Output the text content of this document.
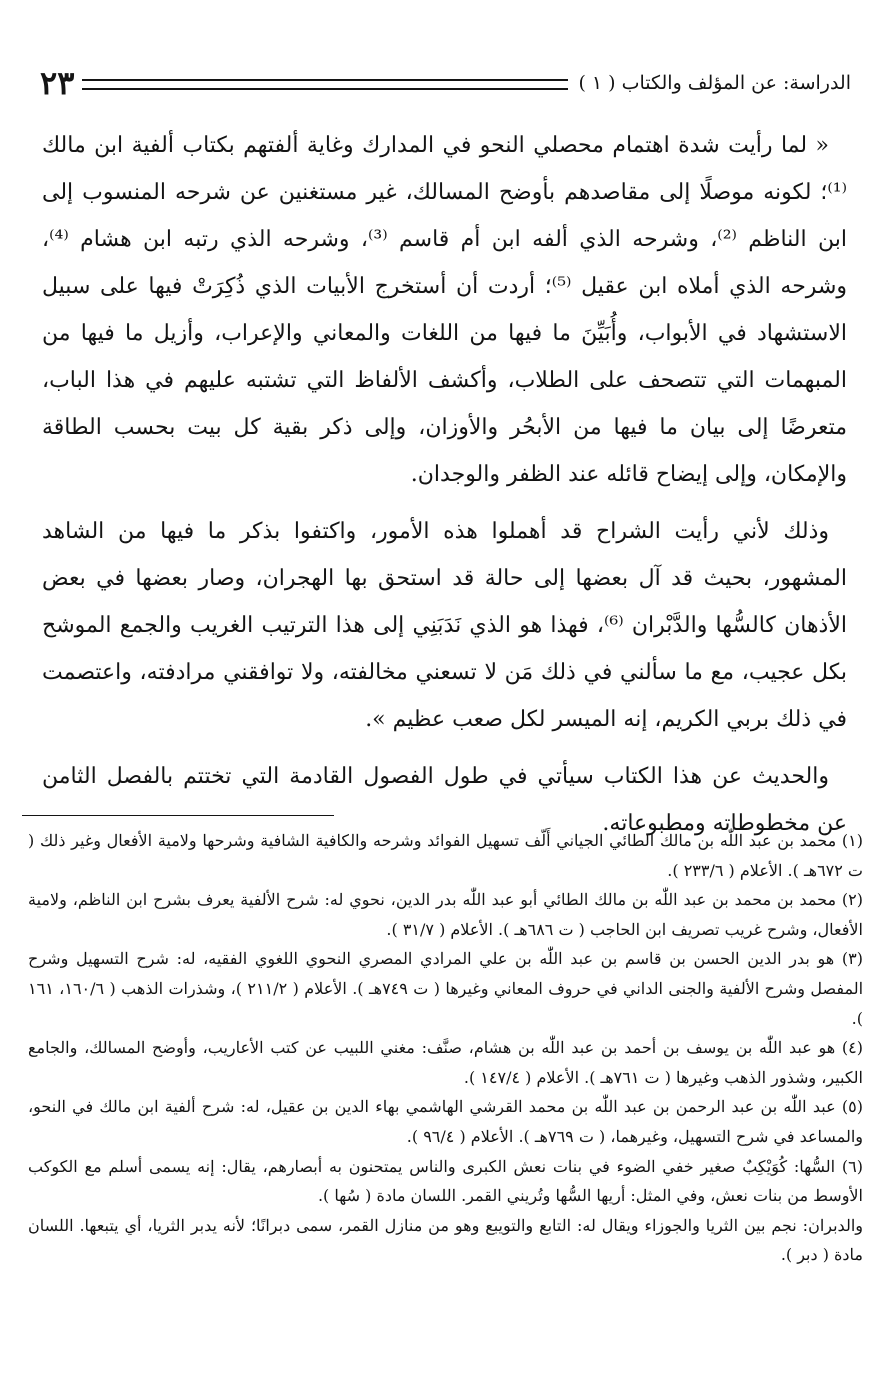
الدراسة: عن المؤلف والكتاب ( ١ )
٢٣

« لما رأيت شدة اهتمام محصلي النحو في المدارك وغاية ألفتهم بكتاب ألفية ابن مالك ⁽¹⁾؛ لكونه موصلًا إلى مقاصدهم بأوضح المسالك، غير مستغنين عن شرحه المنسوب إلى ابن الناظم ⁽²⁾، وشرحه الذي ألفه ابن أم قاسم ⁽³⁾، وشرحه الذي رتبه ابن هشام ⁽⁴⁾، وشرحه الذي أملاه ابن عقيل ⁽⁵⁾؛ أردت أن أستخرج الأبيات الذي ذُكِرَتْ فيها على سبيل الاستشهاد في الأبواب، وأُبَيِّنَ ما فيها من اللغات والمعاني والإعراب، وأزيل ما فيها من المبهمات التي تتصحف على الطلاب، وأكشف الألفاظ التي تشتبه عليهم في هذا الباب، متعرضًا إلى بيان ما فيها من الأبحُر والأوزان، وإلى ذكر بقية كل بيت بحسب الطاقة والإمكان، وإلى إيضاح قائله عند الظفر والوجدان.

وذلك لأني رأيت الشراح قد أهملوا هذه الأمور، واكتفوا بذكر ما فيها من الشاهد المشهور، بحيث قد آل بعضها إلى حالة قد استحق بها الهجران، وصار بعضها في بعض الأذهان كالسُّها والدَّبْران ⁽⁶⁾، فهذا هو الذي نَدَبَنِي إلى هذا الترتيب الغريب والجمع الموشح بكل عجيب، مع ما سألني في ذلك مَن لا تسعني مخالفته، ولا توافقني مرادفته، واعتصمت في ذلك بربي الكريم، إنه الميسر لكل صعب عظيم ».

والحديث عن هذا الكتاب سيأتي في طول الفصول القادمة التي تختتم بالفصل الثامن عن مخطوطاته ومطبوعاته.

(١) محمد بن عبد اللّٰه بن مالك الطائي الجياني أَلّف تسهيل الفوائد وشرحه والكافية الشافية وشرحها ولامية الأفعال وغير ذلك ( ت ٦٧٢هـ ). الأعلام ( ٢٣٣/٦ ).

(٢) محمد بن محمد بن عبد اللّٰه بن مالك الطائي أبو عبد اللّٰه بدر الدين، نحوي له: شرح الألفية يعرف بشرح ابن الناظم، ولامية الأفعال، وشرح غريب تصريف ابن الحاجب ( ت ٦٨٦هـ ). الأعلام ( ٣١/٧ ).

(٣) هو بدر الدين الحسن بن قاسم بن عبد اللّٰه بن علي المرادي المصري النحوي اللغوي الفقيه، له: شرح التسهيل وشرح المفصل وشرح الألفية والجنى الداني في حروف المعاني وغيرها ( ت ٧٤٩هـ ). الأعلام ( ٢١١/٢ )، وشذرات الذهب ( ١٦٠/٦، ١٦١ ).

(٤) هو عبد اللّٰه بن يوسف بن أحمد بن عبد اللّٰه بن هشام، صنَّف: مغني اللبيب عن كتب الأعاريب، وأوضح المسالك، والجامع الكبير، وشذور الذهب وغيرها ( ت ٧٦١هـ ). الأعلام ( ١٤٧/٤ ).

(٥) عبد اللّٰه بن عبد الرحمن بن عبد اللّٰه بن محمد القرشي الهاشمي بهاء الدين بن عقيل، له: شرح ألفية ابن مالك في النحو، والمساعد في شرح التسهيل، وغيرهما، ( ت ٧٦٩هـ ). الأعلام ( ٩٦/٤ ).

(٦) السُّها: كُوَيْكِبٌ صغير خفي الضوء في بنات نعش الكبرى والناس يمتحنون به أبصارهم، يقال: إنه يسمى أسلم مع الكوكب الأوسط من بنات نعش، وفي المثل: أريها السُّها وتُريني القمر. اللسان مادة ( سُها ).

والدبران: نجم بين الثريا والجوزاء ويقال له: التابع والتويبع وهو من منازل القمر، سمى دبرانًا؛ لأنه يدبر الثريا، أي يتبعها. اللسان مادة ( دبر ).
